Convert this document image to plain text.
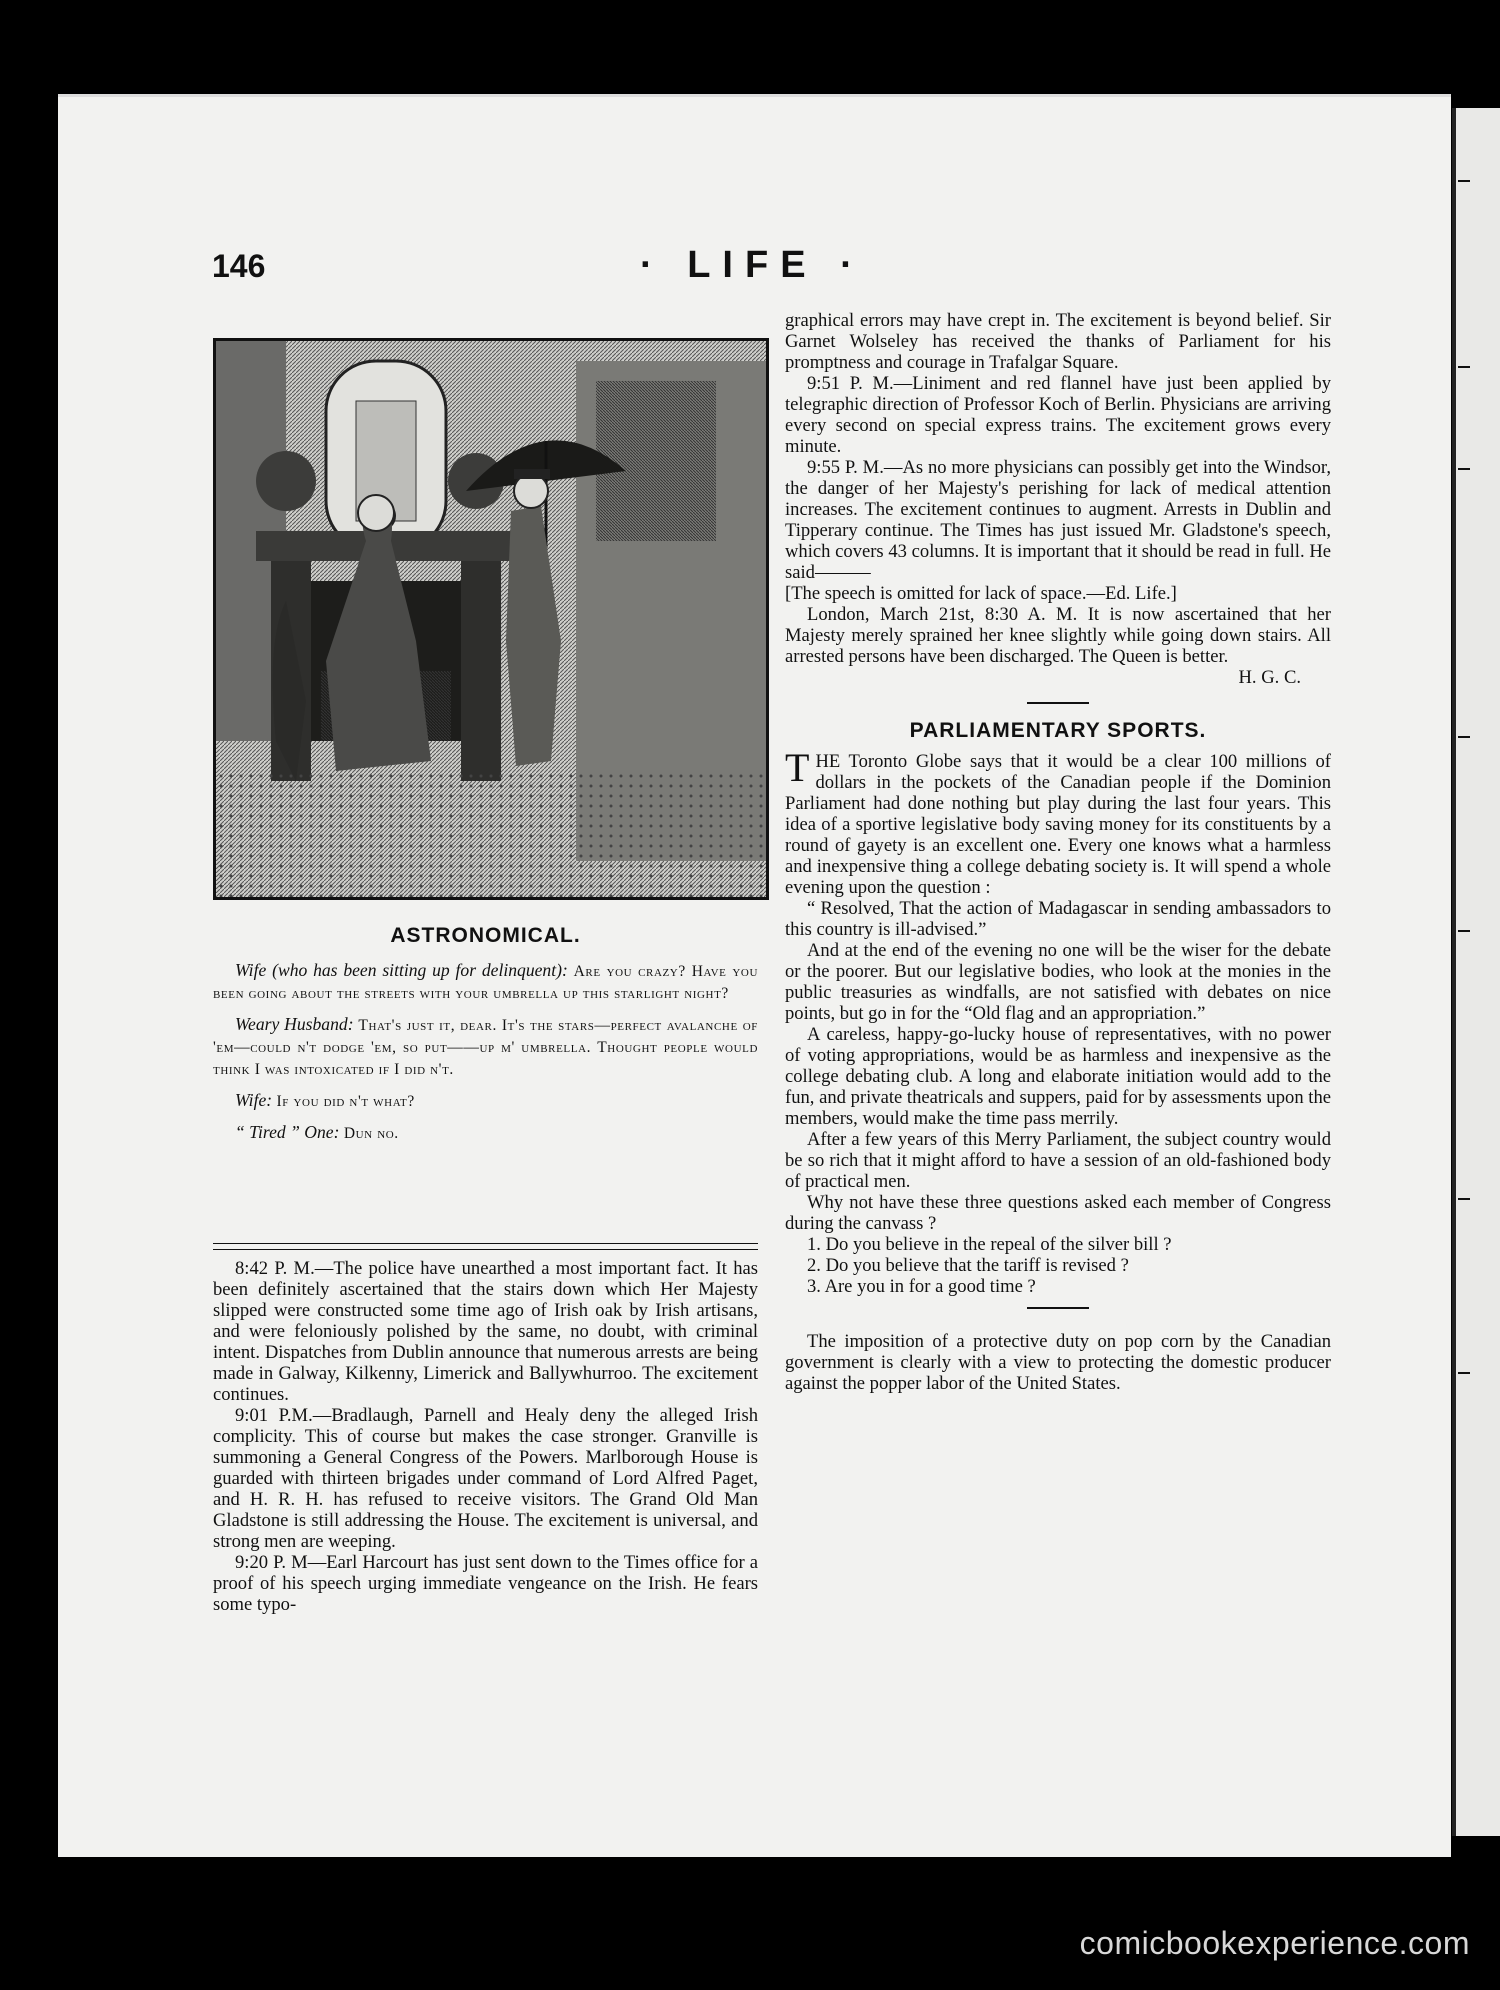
146	· LIFE ·
ASTRONOMICAL.

Wife (who has been sitting up for delinquent): Are you crazy? Have you been going about the streets with your umbrella up this starlight night?

Weary Husband: That's just it, dear. It's the stars—perfect avalanche of 'em—could n't dodge 'em, so put——up m' umbrella. Thought people would think I was intoxicated if I did n't.

Wife: If you did n't what?

“ Tired ” One: Dun no.

8:42 P. M.—The police have unearthed a most important fact. It has been definitely ascertained that the stairs down which Her Majesty slipped were constructed some time ago of Irish oak by Irish artisans, and were feloniously polished by the same, no doubt, with criminal intent. Dispatches from Dublin announce that numerous arrests are being made in Galway, Kilkenny, Limerick and Ballywhurroo. The excitement continues.

9:01 P.M.—Bradlaugh, Parnell and Healy deny the alleged Irish complicity. This of course but makes the case stronger. Granville is summoning a General Congress of the Powers. Marlborough House is guarded with thirteen brigades under command of Lord Alfred Paget, and H. R. H. has refused to receive visitors. The Grand Old Man Gladstone is still addressing the House. The excitement is universal, and strong men are weeping.

9:20 P. M—Earl Harcourt has just sent down to the Times office for a proof of his speech urging immediate vengeance on the Irish. He fears some typo-

graphical errors may have crept in. The excitement is beyond belief. Sir Garnet Wolseley has received the thanks of Parliament for his promptness and courage in Trafalgar Square.

9:51 P. M.—Liniment and red flannel have just been applied by telegraphic direction of Professor Koch of Berlin. Physicians are arriving every second on special express trains. The excitement grows every minute.

9:55 P. M.—As no more physicians can possibly get into the Windsor, the danger of her Majesty's perishing for lack of medical attention increases. The excitement continues to augment. Arrests in Dublin and Tipperary continue. The Times has just issued Mr. Gladstone's speech, which covers 43 columns. It is important that it should be read in full. He said———

[The speech is omitted for lack of space.—Ed. Life.]

London, March 21st, 8:30 A. M. It is now ascertained that her Majesty merely sprained her knee slightly while going down stairs. All arrested persons have been discharged. The Queen is better.

H. G. C.

PARLIAMENTARY SPORTS.

THE Toronto Globe says that it would be a clear 100 millions of dollars in the pockets of the Canadian people if the Dominion Parliament had done nothing but play during the last four years. This idea of a sportive legislative body saving money for its constituents by a round of gayety is an excellent one. Every one knows what a harmless and inexpensive thing a college debating society is. It will spend a whole evening upon the question :

“ Resolved, That the action of Madagascar in sending ambassadors to this country is ill-advised.”

And at the end of the evening no one will be the wiser for the debate or the poorer. But our legislative bodies, who look at the monies in the public treasuries as windfalls, are not satisfied with debates on nice points, but go in for the “Old flag and an appropriation.”

A careless, happy-go-lucky house of representatives, with no power of voting appropriations, would be as harmless and inexpensive as the college debating club. A long and elaborate initiation would add to the fun, and private theatricals and suppers, paid for by assessments upon the members, would make the time pass merrily.

After a few years of this Merry Parliament, the subject country would be so rich that it might afford to have a session of an old-fashioned body of practical men.

Why not have these three questions asked each member of Congress during the canvass ?

1. Do you believe in the repeal of the silver bill ?

2. Do you believe that the tariff is revised ?

3. Are you in for a good time ?

The imposition of a protective duty on pop corn by the Canadian government is clearly with a view to protecting the domestic producer against the popper labor of the United States.

comicbookexperience.com
